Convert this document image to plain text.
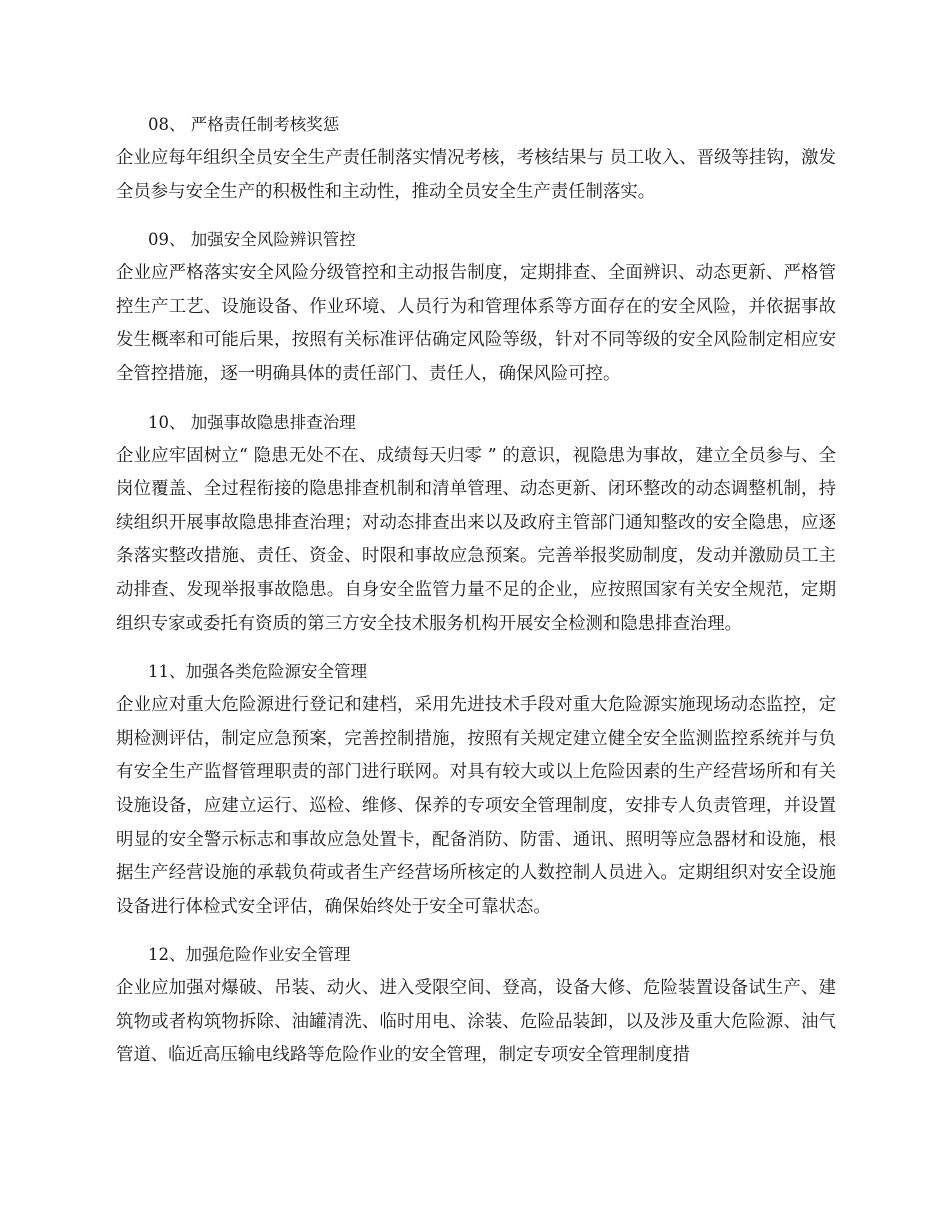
08、 严格责任制考核奖惩
企业应每年组织全员安全生产责任制落实情况考核，考核结果与 员工收入、晋级等挂钩，激发全员参与安全生产的积极性和主动性，推动全员安全生产责任制落实。
09、 加强安全风险辨识管控
企业应严格落实安全风险分级管控和主动报告制度，定期排查、全面辨识、动态更新、严格管控生产工艺、设施设备、作业环境、人员行为和管理体系等方面存在的安全风险，并依据事故发生概率和可能后果，按照有关标准评估确定风险等级，针对不同等级的安全风险制定相应安全管控措施，逐一明确具体的责任部门、责任人，确保风险可控。
10、 加强事故隐患排查治理
企业应牢固树立“ 隐患无处不在、成绩每天归零 ” 的意识，视隐患为事故，建立全员参与、全岗位覆盖、全过程衔接的隐患排查机制和清单管理、动态更新、闭环整改的动态调整机制，持续组织开展事故隐患排查治理；对动态排查出来以及政府主管部门通知整改的安全隐患，应逐条落实整改措施、责任、资金、时限和事故应急预案。完善举报奖励制度，发动并激励员工主动排查、发现举报事故隐患。自身安全监管力量不足的企业，应按照国家有关安全规范，定期组织专家或委托有资质的第三方安全技术服务机构开展安全检测和隐患排查治理。
11、加强各类危险源安全管理
企业应对重大危险源进行登记和建档，采用先进技术手段对重大危险源实施现场动态监控，定期检测评估，制定应急预案，完善控制措施，按照有关规定建立健全安全监测监控系统并与负有安全生产监督管理职责的部门进行联网。对具有较大或以上危险因素的生产经营场所和有关设施设备，应建立运行、巡检、维修、保养的专项安全管理制度，安排专人负责管理，并设置明显的安全警示标志和事故应急处置卡，配备消防、防雷、通讯、照明等应急器材和设施，根据生产经营设施的承载负荷或者生产经营场所核定的人数控制人员进入。定期组织对安全设施设备进行体检式安全评估，确保始终处于安全可靠状态。
12、加强危险作业安全管理
企业应加强对爆破、吊装、动火、进入受限空间、登高，设备大修、危险装置设备试生产、建筑物或者构筑物拆除、油罐清洗、临时用电、涂装、危险品装卸，以及涉及重大危险源、油气管道、临近高压输电线路等危险作业的安全管理，制定专项安全管理制度措
